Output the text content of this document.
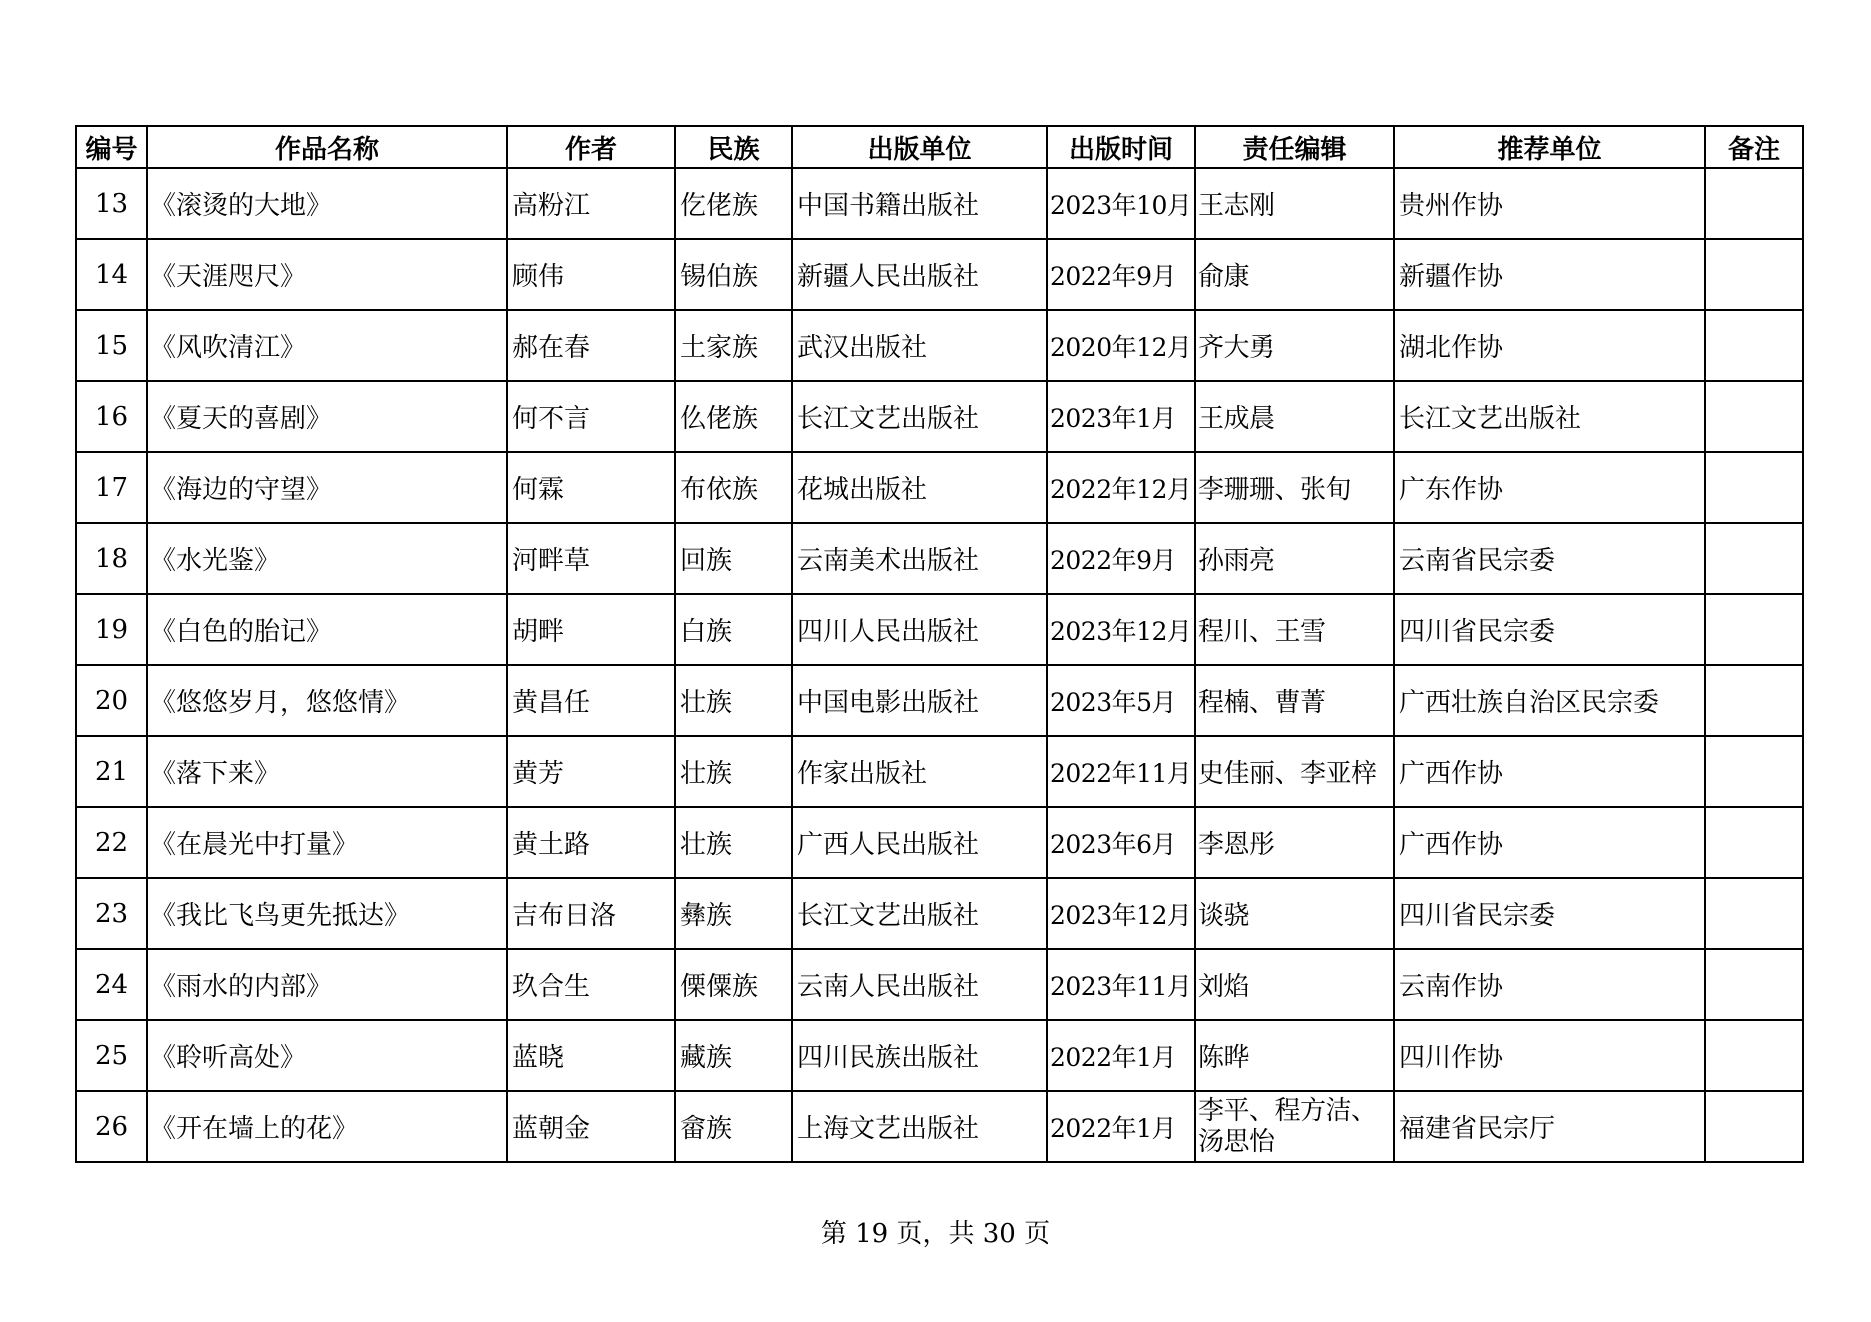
编号	作品名称	作者	民族	出版单位	出版时间	责任编辑	推荐单位	备注
13	《滚烫的大地》	高粉江	仡佬族	中国书籍出版社	2023年10月	王志刚	贵州作协	
14	《天涯咫尺》	顾伟	锡伯族	新疆人民出版社	2022年9月	俞康	新疆作协	
15	《风吹清江》	郝在春	土家族	武汉出版社	2020年12月	齐大勇	湖北作协	
16	《夏天的喜剧》	何不言	仫佬族	长江文艺出版社	2023年1月	王成晨	长江文艺出版社	
17	《海边的守望》	何霖	布依族	花城出版社	2022年12月	李珊珊、张旬	广东作协	
18	《水光鉴》	河畔草	回族	云南美术出版社	2022年9月	孙雨亮	云南省民宗委	
19	《白色的胎记》	胡畔	白族	四川人民出版社	2023年12月	程川、王雪	四川省民宗委	
20	《悠悠岁月，悠悠情》	黄昌任	壮族	中国电影出版社	2023年5月	程楠、曹菁	广西壮族自治区民宗委	
21	《落下来》	黄芳	壮族	作家出版社	2022年11月	史佳丽、李亚梓	广西作协	
22	《在晨光中打量》	黄土路	壮族	广西人民出版社	2023年6月	李恩彤	广西作协	
23	《我比飞鸟更先抵达》	吉布日洛	彝族	长江文艺出版社	2023年12月	谈骁	四川省民宗委	
24	《雨水的内部》	玖合生	傈僳族	云南人民出版社	2023年11月	刘焰	云南作协	
25	《聆听高处》	蓝晓	藏族	四川民族出版社	2022年1月	陈晔	四川作协	
26	《开在墙上的花》	蓝朝金	畲族	上海文艺出版社	2022年1月	李平、程方洁、汤思怡	福建省民宗厅	
第 19 页，共 30 页
